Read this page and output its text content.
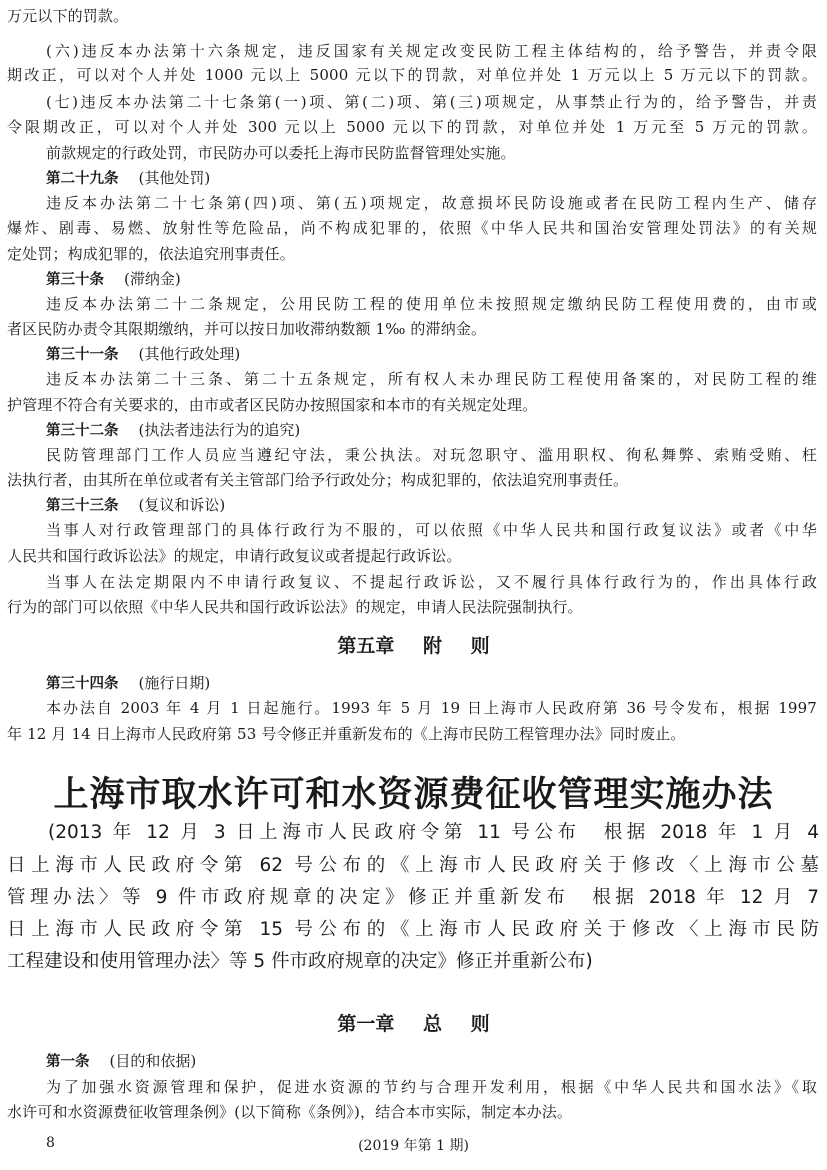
万元以下的罚款。
(六)违反本办法第十六条规定，违反国家有关规定改变民防工程主体结构的，给予警告，并责令限
期改正，可以对个人并处 1000 元以上 5000 元以下的罚款，对单位并处 1 万元以上 5 万元以下的罚款。
(七)违反本办法第二十七条第(一)项、第(二)项、第(三)项规定，从事禁止行为的，给予警告，并责
令限期改正，可以对个人并处 300 元以上 5000 元以下的罚款，对单位并处 1 万元至 5 万元的罚款。
前款规定的行政处罚，市民防办可以委托上海市民防监督管理处实施。
第二十九条 (其他处罚)
违反本办法第二十七条第(四)项、第(五)项规定，故意损坏民防设施或者在民防工程内生产、储存
爆炸、剧毒、易燃、放射性等危险品，尚不构成犯罪的，依照《中华人民共和国治安管理处罚法》的有关规
定处罚；构成犯罪的，依法追究刑事责任。
第三十条 (滞纳金)
违反本办法第二十二条规定，公用民防工程的使用单位未按照规定缴纳民防工程使用费的，由市或
者区民防办责令其限期缴纳，并可以按日加收滞纳数额 1‰ 的滞纳金。
第三十一条 (其他行政处理)
违反本办法第二十三条、第二十五条规定，所有权人未办理民防工程使用备案的，对民防工程的维
护管理不符合有关要求的，由市或者区民防办按照国家和本市的有关规定处理。
第三十二条 (执法者违法行为的追究)
民防管理部门工作人员应当遵纪守法，秉公执法。对玩忽职守、滥用职权、徇私舞弊、索贿受贿、枉
法执行者，由其所在单位或者有关主管部门给予行政处分；构成犯罪的，依法追究刑事责任。
第三十三条 (复议和诉讼)
当事人对行政管理部门的具体行政行为不服的，可以依照《中华人民共和国行政复议法》或者《中华
人民共和国行政诉讼法》的规定，申请行政复议或者提起行政诉讼。
当事人在法定期限内不申请行政复议、不提起行政诉讼，又不履行具体行政行为的，作出具体行政
行为的部门可以依照《中华人民共和国行政诉讼法》的规定，申请人民法院强制执行。
第五章 附 则
第三十四条 (施行日期)
本办法自 2003 年 4 月 1 日起施行。1993 年 5 月 19 日上海市人民政府第 36 号令发布，根据 1997
年 12 月 14 日上海市人民政府第 53 号令修正并重新发布的《上海市民防工程管理办法》同时废止。
上海市取水许可和水资源费征收管理实施办法
(2013 年 12 月 3 日上海市人民政府令第 11 号公布　根据 2018 年 1 月 4
日上海市人民政府令第 62 号公布的《上海市人民政府关于修改〈上海市公墓
管理办法〉等 9 件市政府规章的决定》修正并重新发布　根据 2018 年 12 月 7
日上海市人民政府令第 15 号公布的《上海市人民政府关于修改〈上海市民防
工程建设和使用管理办法〉等 5 件市政府规章的决定》修正并重新公布)
第一章 总 则
第一条 (目的和依据)
为了加强水资源管理和保护，促进水资源的节约与合理开发利用，根据《中华人民共和国水法》《取
水许可和水资源费征收管理条例》(以下简称《条例》)，结合本市实际，制定本办法。
(2019 年第 1 期)
8
